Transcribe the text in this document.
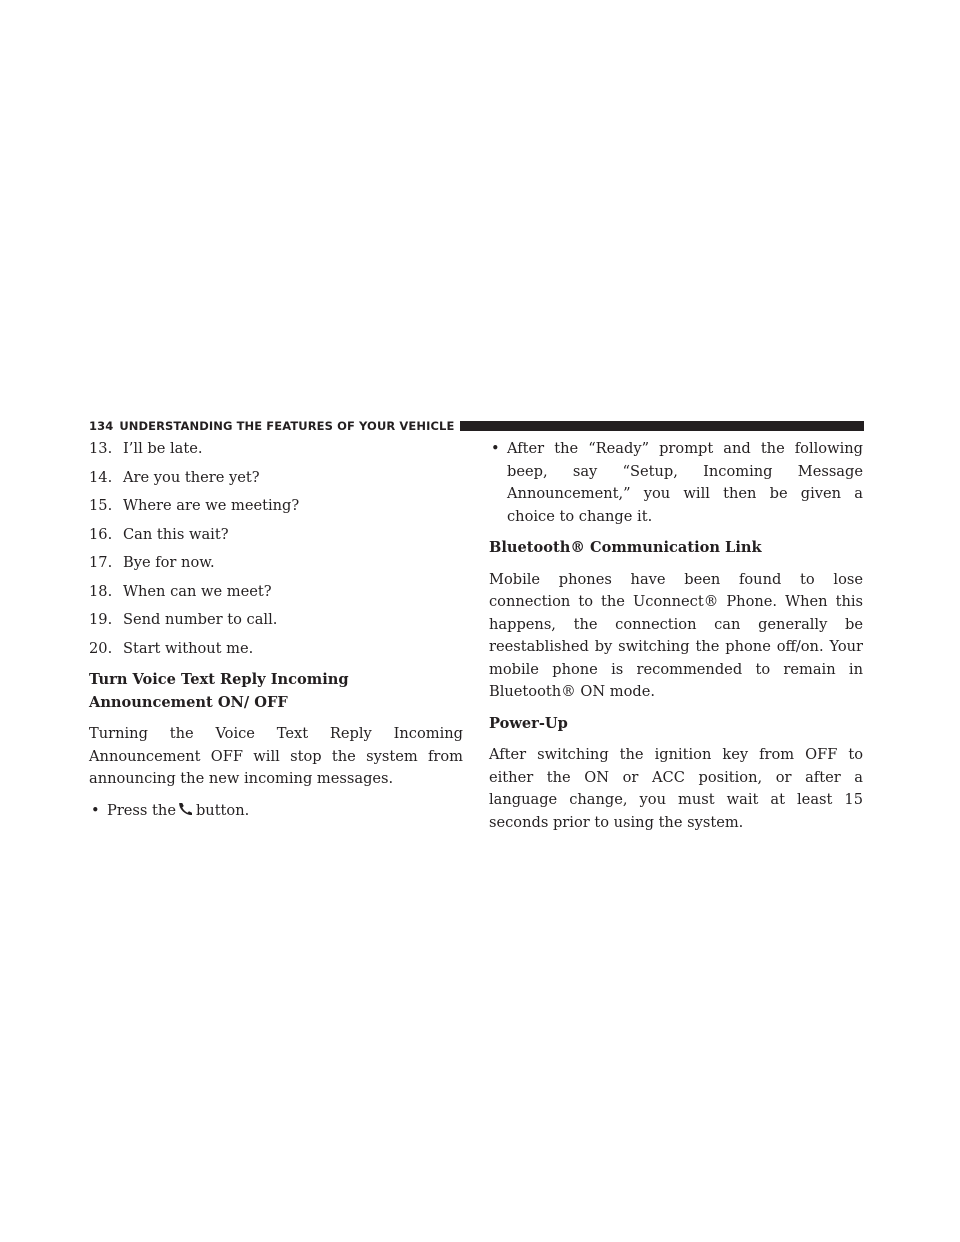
134 UNDERSTANDING THE FEATURES OF YOUR VEHICLE

13. I’ll be late.

14. Are you there yet?

15. Where are we meeting?

16. Can this wait?

17. Bye for now.

18. When can we meet?

19. Send number to call.

20. Start without me.

Turn Voice Text Reply Incoming Announcement ON/ OFF

Turning the Voice Text Reply Incoming Announcement OFF will stop the system from announcing the new incoming messages.

• Press the button.

• After the “Ready” prompt and the following beep, say “Setup, Incoming Message Announcement,” you will then be given a choice to change it.

Bluetooth® Communication Link

Mobile phones have been found to lose connection to the Uconnect® Phone. When this happens, the connection can generally be reestablished by switching the phone off/on. Your mobile phone is recommended to remain in Bluetooth® ON mode.

Power-Up

After switching the ignition key from OFF to either the ON or ACC position, or after a language change, you must wait at least 15 seconds prior to using the system.
